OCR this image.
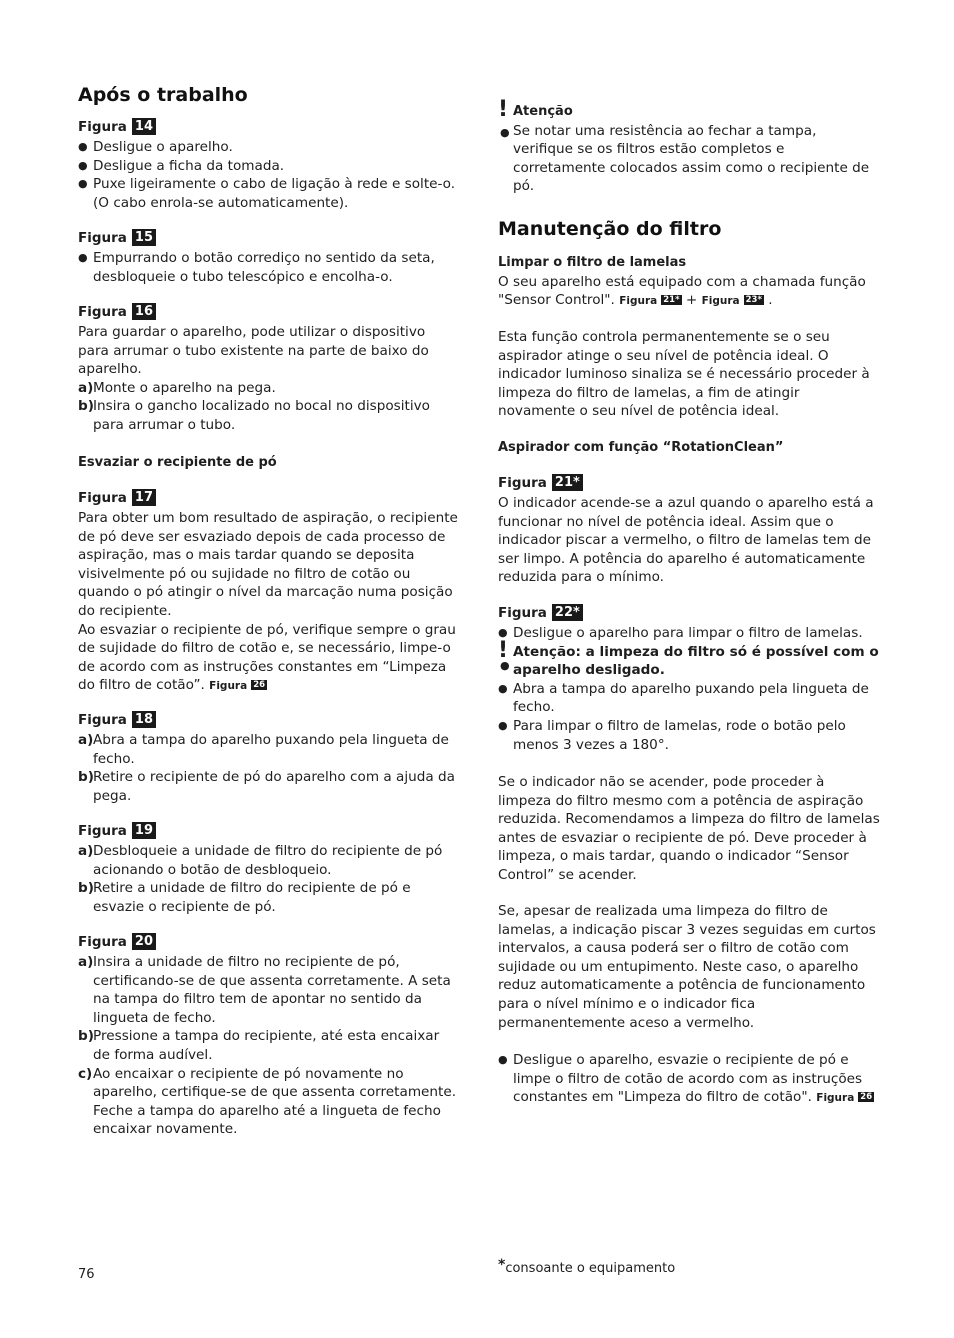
Após o trabalho
Figura 14
● Desligue o aparelho.
● Desligue a ficha da tomada.
● Puxe ligeiramente o cabo de ligação à rede e solte-o. (O cabo enrola-se automaticamente).
Figura 15
● Empurrando o botão corrediço no sentido da seta, desbloqueie o tubo telescópico e encolha-o.
Figura 16

Para guardar o aparelho, pode utilizar o dispositivo para arrumar o tubo existente na parte de baixo do aparelho.

a) Monte o aparelho na pega.
b) Insira o gancho localizado no bocal no dispositivo para arrumar o tubo.

Esvaziar o recipiente de pó

Figura 17

Para obter um bom resultado de aspiração, o recipiente de pó deve ser esvaziado depois de cada processo de aspiração, mas o mais tardar quando se deposita visivelmente pó ou sujidade no filtro de cotão ou quando o pó atingir o nível da marcação numa posição do recipiente.

Ao esvaziar o recipiente de pó, verifique sempre o grau de sujidade do filtro de cotão e, se necessário, limpe-o de acordo com as instruções constantes em “Limpeza do filtro de cotão”. Figura 26

Figura 18
a) Abra a tampa do aparelho puxando pela lingueta de fecho.
b) Retire o recipiente de pó do aparelho com a ajuda da pega.
Figura 19
a) Desbloqueie a unidade de filtro do recipiente de pó acionando o botão de desbloqueio.
b) Retire a unidade de filtro do recipiente de pó e esvazie o recipiente de pó.
Figura 20
a) Insira a unidade de filtro no recipiente de pó, certificando-se de que assenta corretamente. A seta na tampa do filtro tem de apontar no sentido da lingueta de fecho.
b) Pressione a tampa do recipiente, até esta encaixar de forma audível.
c) Ao encaixar o recipiente de pó novamente no aparelho, certifique-se de que assenta corretamente. Feche a tampa do aparelho até a lingueta de fecho encaixar novamente.
! Atenção
● Se notar uma resistência ao fechar a tampa, verifique se os filtros estão completos e corretamente colocados assim como o recipiente de pó.

Manutenção do filtro

Limpar o filtro de lamelas

O seu aparelho está equipado com a chamada função "Sensor Control". Figura 21* + Figura 23* .

Esta função controla permanentemente se o seu aspirador atinge o seu nível de potência ideal. O indicador luminoso sinaliza se é necessário proceder à limpeza do filtro de lamelas, a fim de atingir novamente o seu nível de potência ideal.

Aspirador com função “RotationClean”

Figura 21*

O indicador acende-se a azul quando o aparelho está a funcionar no nível de potência ideal. Assim que o indicador piscar a vermelho, o filtro de lamelas tem de ser limpo. A potência do aparelho é automaticamente reduzida para o mínimo.

Figura 22*
● Desligue o aparelho para limpar o filtro de lamelas.
!
●
Atenção: a limpeza do filtro só é possível com o aparelho desligado.
● Abra a tampa do aparelho puxando pela lingueta de fecho.
● Para limpar o filtro de lamelas, rode o botão pelo menos 3 vezes a 180°.

Se o indicador não se acender, pode proceder à limpeza do filtro mesmo com a potência de aspiração reduzida. Recomendamos a limpeza do filtro de lamelas antes de esvaziar o recipiente de pó. Deve proceder à limpeza, o mais tardar, quando o indicador “Sensor Control” se acender.

Se, apesar de realizada uma limpeza do filtro de lamelas, a indicação piscar 3 vezes seguidas em curtos intervalos, a causa poderá ser o filtro de cotão com sujidade ou um entupimento. Neste caso, o aparelho reduz automaticamente a potência de funcionamento para o nível mínimo e o indicador fica permanentemente aceso a vermelho.

● Desligue o aparelho, esvazie o recipiente de pó e limpe o filtro de cotão de acordo com as instruções constantes em "Limpeza do filtro de cotão". Figura 26
76
*consoante o equipamento
